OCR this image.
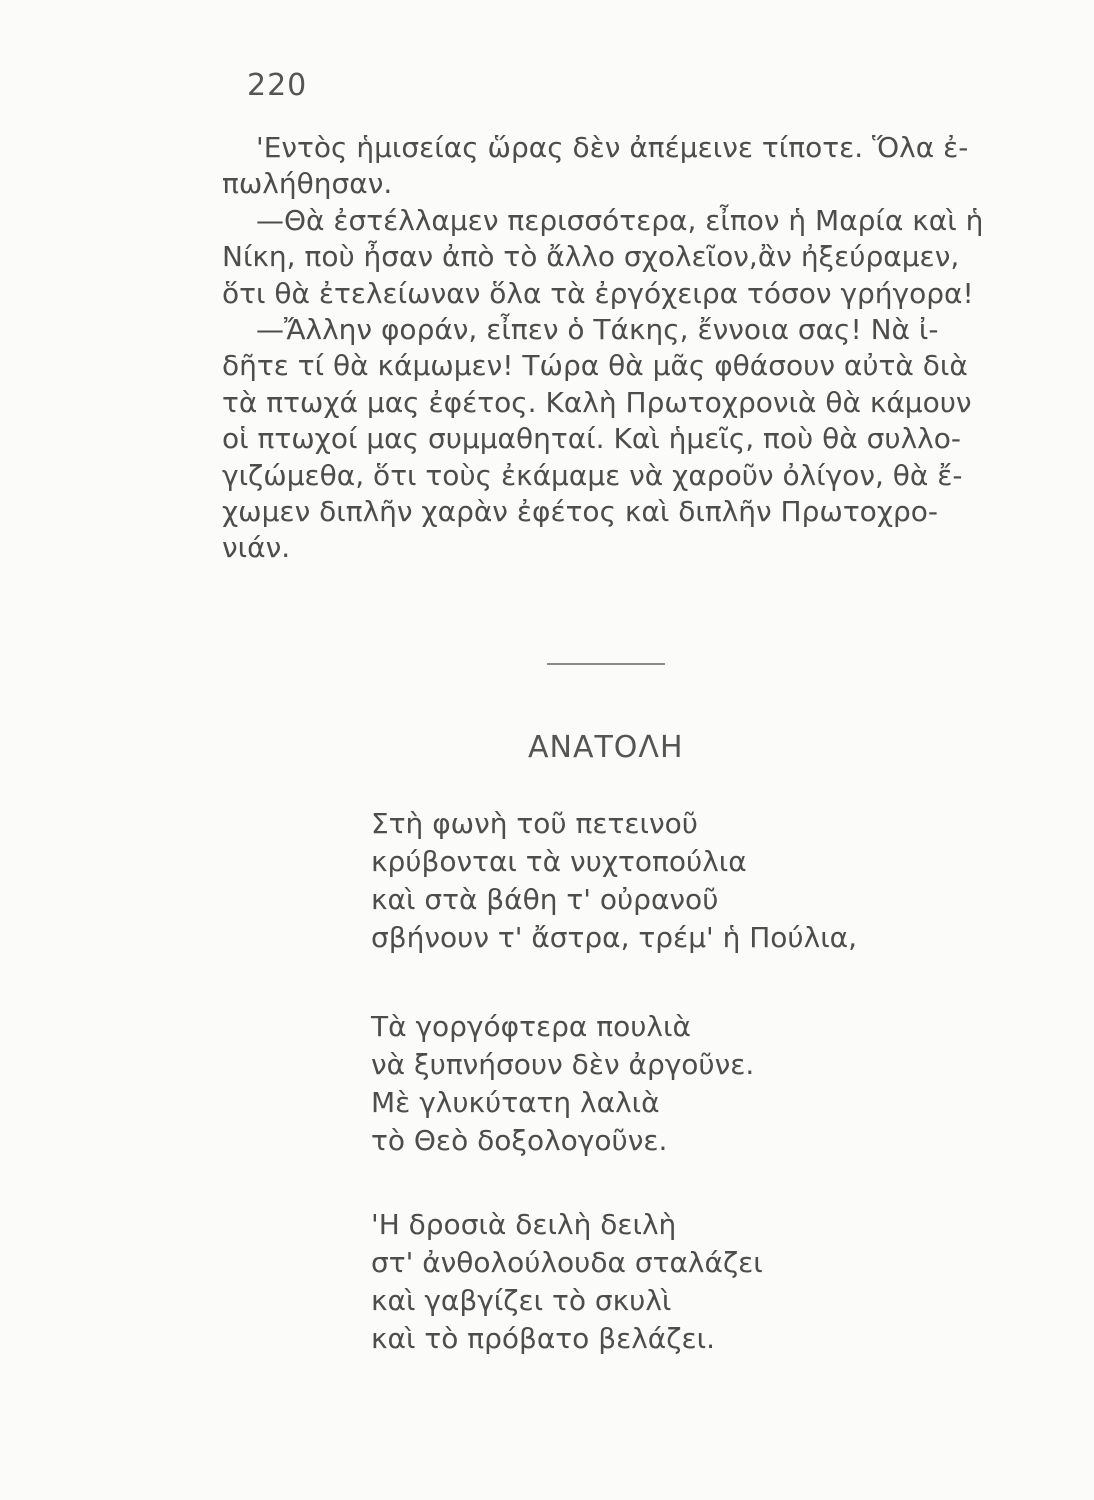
220
'Εντὸς ἡμισείας ὥρας δὲν ἀπέμεινε τίποτε. Ὅλα ἐ-
πωλήθησαν.
—Θὰ ἐστέλλαμεν περισσότερα, εἶπον ἡ Μαρία καὶ ἡ
Νίκη, ποὺ ἦσαν ἀπὸ τὸ ἄλλο σχολεῖον,ἂν ἠξεύραμεν,
ὅτι θὰ ἐτελείωναν ὅλα τὰ ἐργόχειρα τόσον γρήγορα!
—Ἄλλην φοράν, εἶπεν ὁ Τάκης, ἔννοια σας! Νὰ ἰ-
δῆτε τί θὰ κάμωμεν! Τώρα θὰ μᾶς φθάσουν αὐτὰ διὰ
τὰ πτωχά μας ἐφέτος. Καλὴ Πρωτοχρονιὰ θὰ κάμουν
οἱ πτωχοί μας συμμαθηταί. Καὶ ἡμεῖς, ποὺ θὰ συλλο-
γιζώμεθα, ὅτι τοὺς ἐκάμαμε νὰ χαροῦν ὀλίγον, θὰ ἔ-
χωμεν διπλῆν χαρὰν ἐφέτος καὶ διπλῆν Πρωτοχρο-
νιάν.
ΑΝΑΤΟΛΗ
Στὴ φωνὴ τοῦ πετεινοῦ
κρύβονται τὰ νυχτοπούλια
καὶ στὰ βάθη τ' οὐρανοῦ
σβήνουν τ' ἄστρα, τρέμ' ἡ Πούλια,
Τὰ γοργόφτερα πουλιὰ
νὰ ξυπνήσουν δὲν ἀργοῦνε.
Μὲ γλυκύτατη λαλιὰ
τὸ Θεὸ δοξολογοῦνε.
'Η δροσιὰ δειλὴ δειλὴ
στ' ἀνθολούλουδα σταλάζει
καὶ γαβγίζει τὸ σκυλὶ
καὶ τὸ πρόβατο βελάζει.
